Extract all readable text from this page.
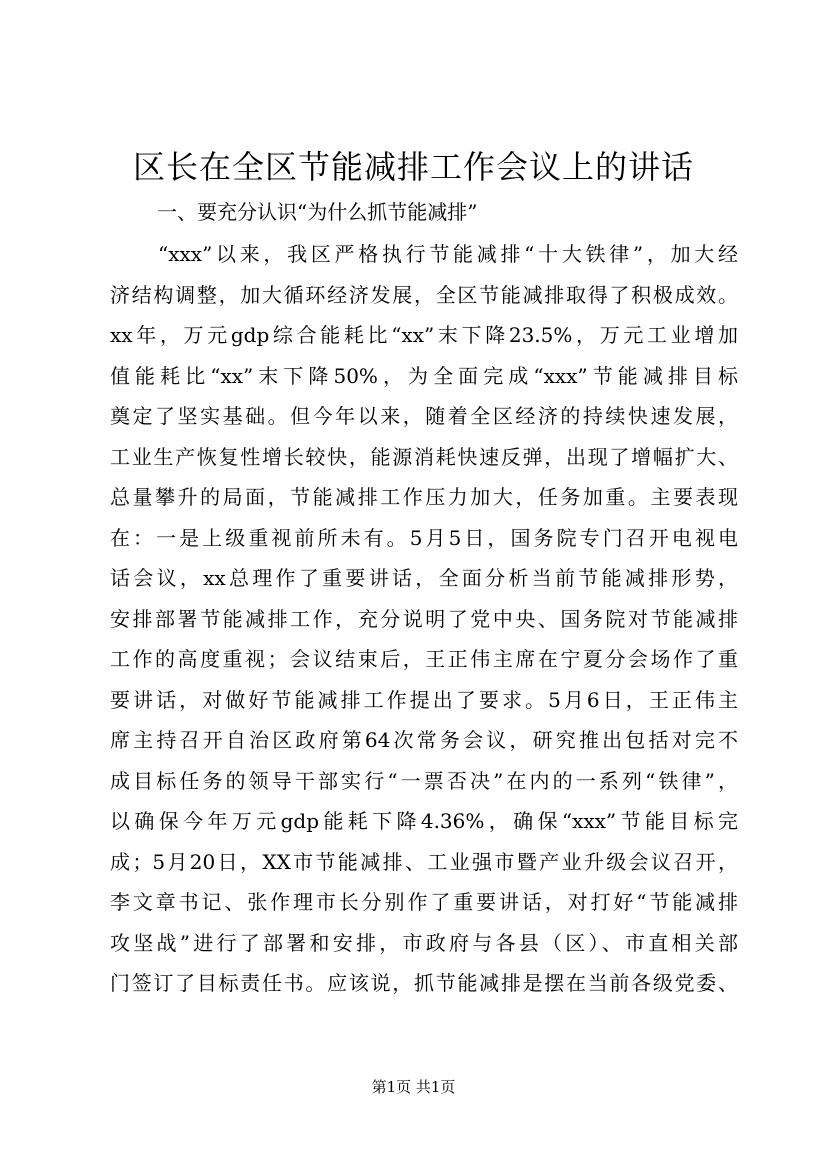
区长在全区节能减排工作会议上的讲话
一、要充分认识“为什么抓节能减排”
“xxx”以来，我区严格执行节能减排“十大铁律”，加大经
济结构调整，加大循环经济发展，全区节能减排取得了积极成效。
xx年，万元gdp综合能耗比“xx”末下降23.5%，万元工业增加
值能耗比“xx”末下降50%，为全面完成“xxx”节能减排目标
奠定了坚实基础。但今年以来，随着全区经济的持续快速发展，
工业生产恢复性增长较快，能源消耗快速反弹，出现了增幅扩大、
总量攀升的局面，节能减排工作压力加大，任务加重。主要表现
在：一是上级重视前所未有。5月5日，国务院专门召开电视电
话会议，xx总理作了重要讲话，全面分析当前节能减排形势，
安排部署节能减排工作，充分说明了党中央、国务院对节能减排
工作的高度重视；会议结束后，王正伟主席在宁夏分会场作了重
要讲话，对做好节能减排工作提出了要求。5月6日，王正伟主
席主持召开自治区政府第64次常务会议，研究推出包括对完不
成目标任务的领导干部实行“一票否决”在内的一系列“铁律”，
以确保今年万元gdp能耗下降4.36%，确保“xxx”节能目标完
成；5月20日，XX市节能减排、工业强市暨产业升级会议召开，
李文章书记、张作理市长分别作了重要讲话，对打好“节能减排
攻坚战”进行了部署和安排，市政府与各县（区）、市直相关部
门签订了目标责任书。应该说，抓节能减排是摆在当前各级党委、
第1页 共1页
